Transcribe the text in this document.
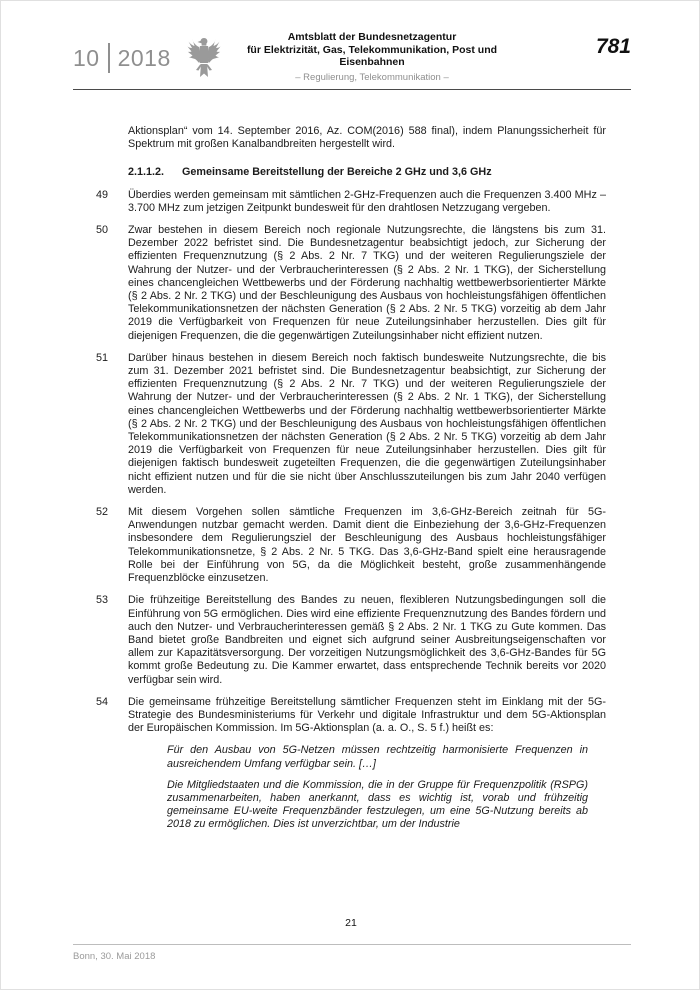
10 2018
Amtsblatt der Bundesnetzagentur
für Elektrizität, Gas, Telekommunikation, Post und Eisenbahnen
– Regulierung, Telekommunikation –
781

Aktionsplan“ vom 14. September 2016, Az. COM(2016) 588 final), indem Planungssicherheit für Spektrum mit großen Kanalbandbreiten hergestellt wird.

2.1.1.2. Gemeinsame Bereitstellung der Bereiche 2 GHz und 3,6 GHz
49	Überdies werden gemeinsam mit sämtlichen 2-GHz-Frequenzen auch die Frequenzen 3.400 MHz – 3.700 MHz zum jetzigen Zeitpunkt bundesweit für den drahtlosen Netzzugang vergeben.
50	Zwar bestehen in diesem Bereich noch regionale Nutzungsrechte, die längstens bis zum 31. Dezember 2022 befristet sind. Die Bundesnetzagentur beabsichtigt jedoch, zur Sicherung der effizienten Frequenznutzung (§ 2 Abs. 2 Nr. 7 TKG) und der weiteren Regulierungsziele der Wahrung der Nutzer- und der Verbraucherinteressen (§ 2 Abs. 2 Nr. 1 TKG), der Sicherstellung eines chancengleichen Wettbewerbs und der Förderung nachhaltig wettbewerbsorientierter Märkte (§ 2 Abs. 2 Nr. 2 TKG) und der Beschleunigung des Ausbaus von hochleistungsfähigen öffentlichen Telekommunikationsnetzen der nächsten Generation (§ 2 Abs. 2 Nr. 5 TKG) vorzeitig ab dem Jahr 2019 die Verfügbarkeit von Frequenzen für neue Zuteilungsinhaber herzustellen. Dies gilt für diejenigen Frequenzen, die die gegenwärtigen Zuteilungsinhaber nicht effizient nutzen.
51	Darüber hinaus bestehen in diesem Bereich noch faktisch bundesweite Nutzungsrechte, die bis zum 31. Dezember 2021 befristet sind. Die Bundesnetzagentur beabsichtigt, zur Sicherung der effizienten Frequenznutzung (§ 2 Abs. 2 Nr. 7 TKG) und der weiteren Regulierungsziele der Wahrung der Nutzer- und der Verbraucherinteressen (§ 2 Abs. 2 Nr. 1 TKG), der Sicherstellung eines chancengleichen Wettbewerbs und der Förderung nachhaltig wettbewerbsorientierter Märkte (§ 2 Abs. 2 Nr. 2 TKG) und der Beschleunigung des Ausbaus von hochleistungsfähigen öffentlichen Telekommunikationsnetzen der nächsten Generation (§ 2 Abs. 2 Nr. 5 TKG) vorzeitig ab dem Jahr 2019 die Verfügbarkeit von Frequenzen für neue Zuteilungsinhaber herzustellen. Dies gilt für diejenigen faktisch bundesweit zugeteilten Frequenzen, die die gegenwärtigen Zuteilungsinhaber nicht effizient nutzen und für die sie nicht über Anschlusszuteilungen bis zum Jahr 2040 verfügen werden.
52	Mit diesem Vorgehen sollen sämtliche Frequenzen im 3,6-GHz-Bereich zeitnah für 5G-Anwendungen nutzbar gemacht werden. Damit dient die Einbeziehung der 3,6-GHz-Frequenzen insbesondere dem Regulierungsziel der Beschleunigung des Ausbaus hochleistungsfähiger Telekommunikationsnetze, § 2 Abs. 2 Nr. 5 TKG. Das 3,6-GHz-Band spielt eine herausragende Rolle bei der Einführung von 5G, da die Möglichkeit besteht, große zusammenhängende Frequenzblöcke einzusetzen.
53	Die frühzeitige Bereitstellung des Bandes zu neuen, flexibleren Nutzungsbedingungen soll die Einführung von 5G ermöglichen. Dies wird eine effiziente Frequenznutzung des Bandes fördern und auch den Nutzer- und Verbraucherinteressen gemäß § 2 Abs. 2 Nr. 1 TKG zu Gute kommen. Das Band bietet große Bandbreiten und eignet sich aufgrund seiner Ausbreitungseigenschaften vor allem zur Kapazitätsversorgung. Der vorzeitigen Nutzungsmöglichkeit des 3,6-GHz-Bandes für 5G kommt große Bedeutung zu. Die Kammer erwartet, dass entsprechende Technik bereits vor 2020 verfügbar sein wird.
54	Die gemeinsame frühzeitige Bereitstellung sämtlicher Frequenzen steht im Einklang mit der 5G-Strategie des Bundesministeriums für Verkehr und digitale Infrastruktur und dem 5G-Aktionsplan der Europäischen Kommission. Im 5G-Aktionsplan (a. a. O., S. 5 f.) heißt es:

Für den Ausbau von 5G-Netzen müssen rechtzeitig harmonisierte Frequenzen in ausreichendem Umfang verfügbar sein. […]

Die Mitgliedstaaten und die Kommission, die in der Gruppe für Frequenzpolitik (RSPG) zusammenarbeiten, haben anerkannt, dass es wichtig ist, vorab und frühzeitig gemeinsame EU-weite Frequenzbänder festzulegen, um eine 5G-Nutzung bereits ab 2018 zu ermöglichen. Dies ist unverzichtbar, um der Industrie

21
Bonn, 30. Mai 2018
